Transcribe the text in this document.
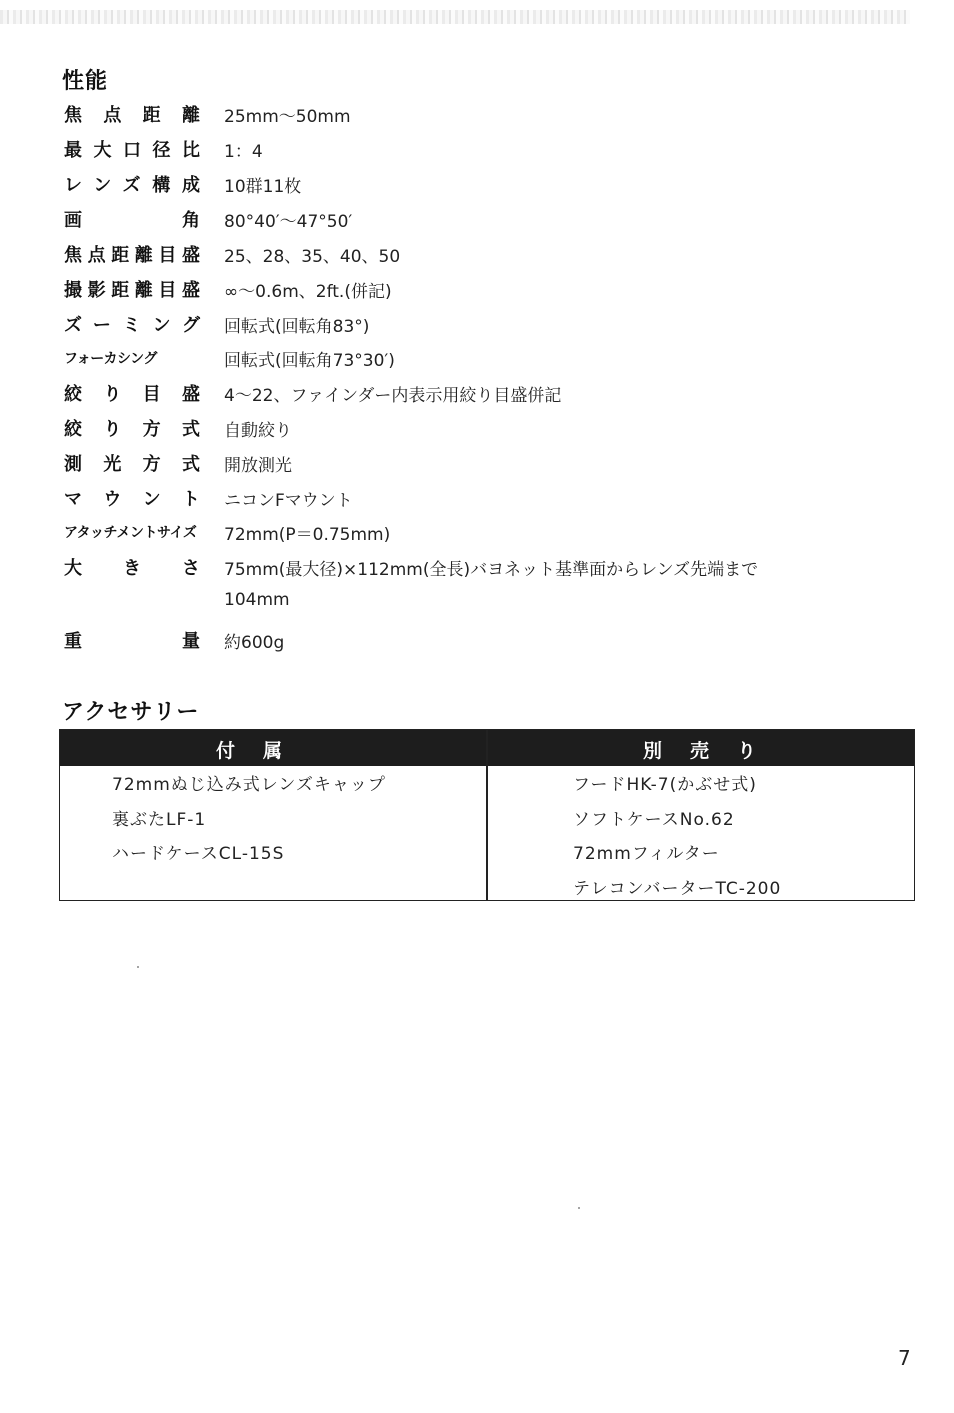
性能
焦点距離 25mm～50mm
最大口径比 1：4
レンズ構成 10群11枚
画角 80°40′～47°50′
焦点距離目盛 25、28、35、40、50
撮影距離目盛 ∞～0.6m、2ft.(併記)
ズーミング 回転式(回転角83°)
フォーカシング	回転式(回転角73°30′)
絞り目盛 4～22、ファインダー内表示用絞り目盛併記
絞り方式 自動絞り
測光方式 開放測光
マウント ニコンFマウント
アタッチメントサイズ 72mm(P＝0.75mm)
大きさ 75mm(最大径)×112mm(全長)バヨネット基準面からレンズ先端まで
104mm
重量 約600g
アクセサリー
付属	別売り
72mmぬじ込み式レンズキャップ
裏ぶたLF-1
ハードケースCL-15S
フードHK-7(かぶせ式)
ソフトケースNo.62
72mmフィルター
テレコンバーターTC-200
7
